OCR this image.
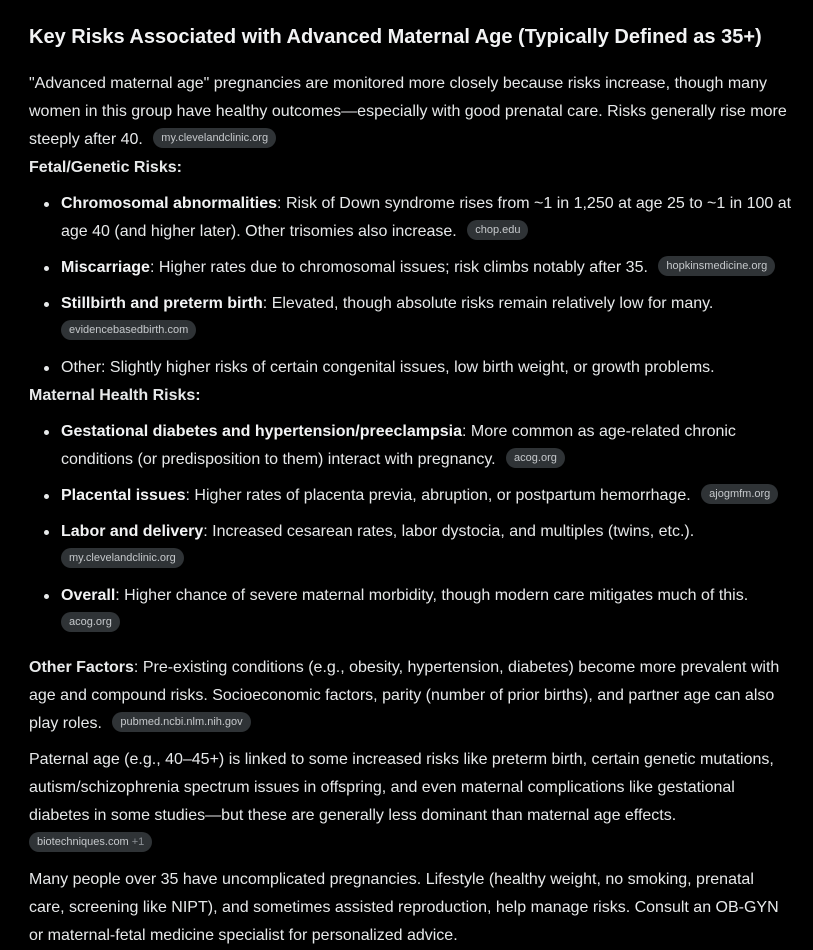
Key Risks Associated with Advanced Maternal Age (Typically Defined as 35+)

"Advanced maternal age" pregnancies are monitored more closely because risks increase, though many women in this group have healthy outcomes—especially with good prenatal care. Risks generally rise more steeply after 40. my.clevelandclinic.org

Fetal/Genetic Risks:

Chromosomal abnormalities: Risk of Down syndrome rises from ~1 in 1,250 at age 25 to ~1 in 100 at age 40 (and higher later). Other trisomies also increase. chop.edu
Miscarriage: Higher rates due to chromosomal issues; risk climbs notably after 35. hopkinsmedicine.org
Stillbirth and preterm birth: Elevated, though absolute risks remain relatively low for many.
evidencebasedbirth.com
Other: Slightly higher risks of certain congenital issues, low birth weight, or growth problems.

Maternal Health Risks:

Gestational diabetes and hypertension/preeclampsia: More common as age-related chronic conditions (or predisposition to them) interact with pregnancy. acog.org
Placental issues: Higher rates of placenta previa, abruption, or postpartum hemorrhage. ajogmfm.org
Labor and delivery: Increased cesarean rates, labor dystocia, and multiples (twins, etc.).
my.clevelandclinic.org
Overall: Higher chance of severe maternal morbidity, though modern care mitigates much of this.
acog.org

Other Factors: Pre-existing conditions (e.g., obesity, hypertension, diabetes) become more prevalent with age and compound risks. Socioeconomic factors, parity (number of prior births), and partner age can also play roles. pubmed.ncbi.nlm.nih.gov

Paternal age (e.g., 40–45+) is linked to some increased risks like preterm birth, certain genetic mutations, autism/schizophrenia spectrum issues in offspring, and even maternal complications like gestational diabetes in some studies—but these are generally less dominant than maternal age effects.
biotechniques.com +1

Many people over 35 have uncomplicated pregnancies. Lifestyle (healthy weight, no smoking, prenatal care, screening like NIPT), and sometimes assisted reproduction, help manage risks. Consult an OB-GYN or maternal-fetal medicine specialist for personalized advice.
